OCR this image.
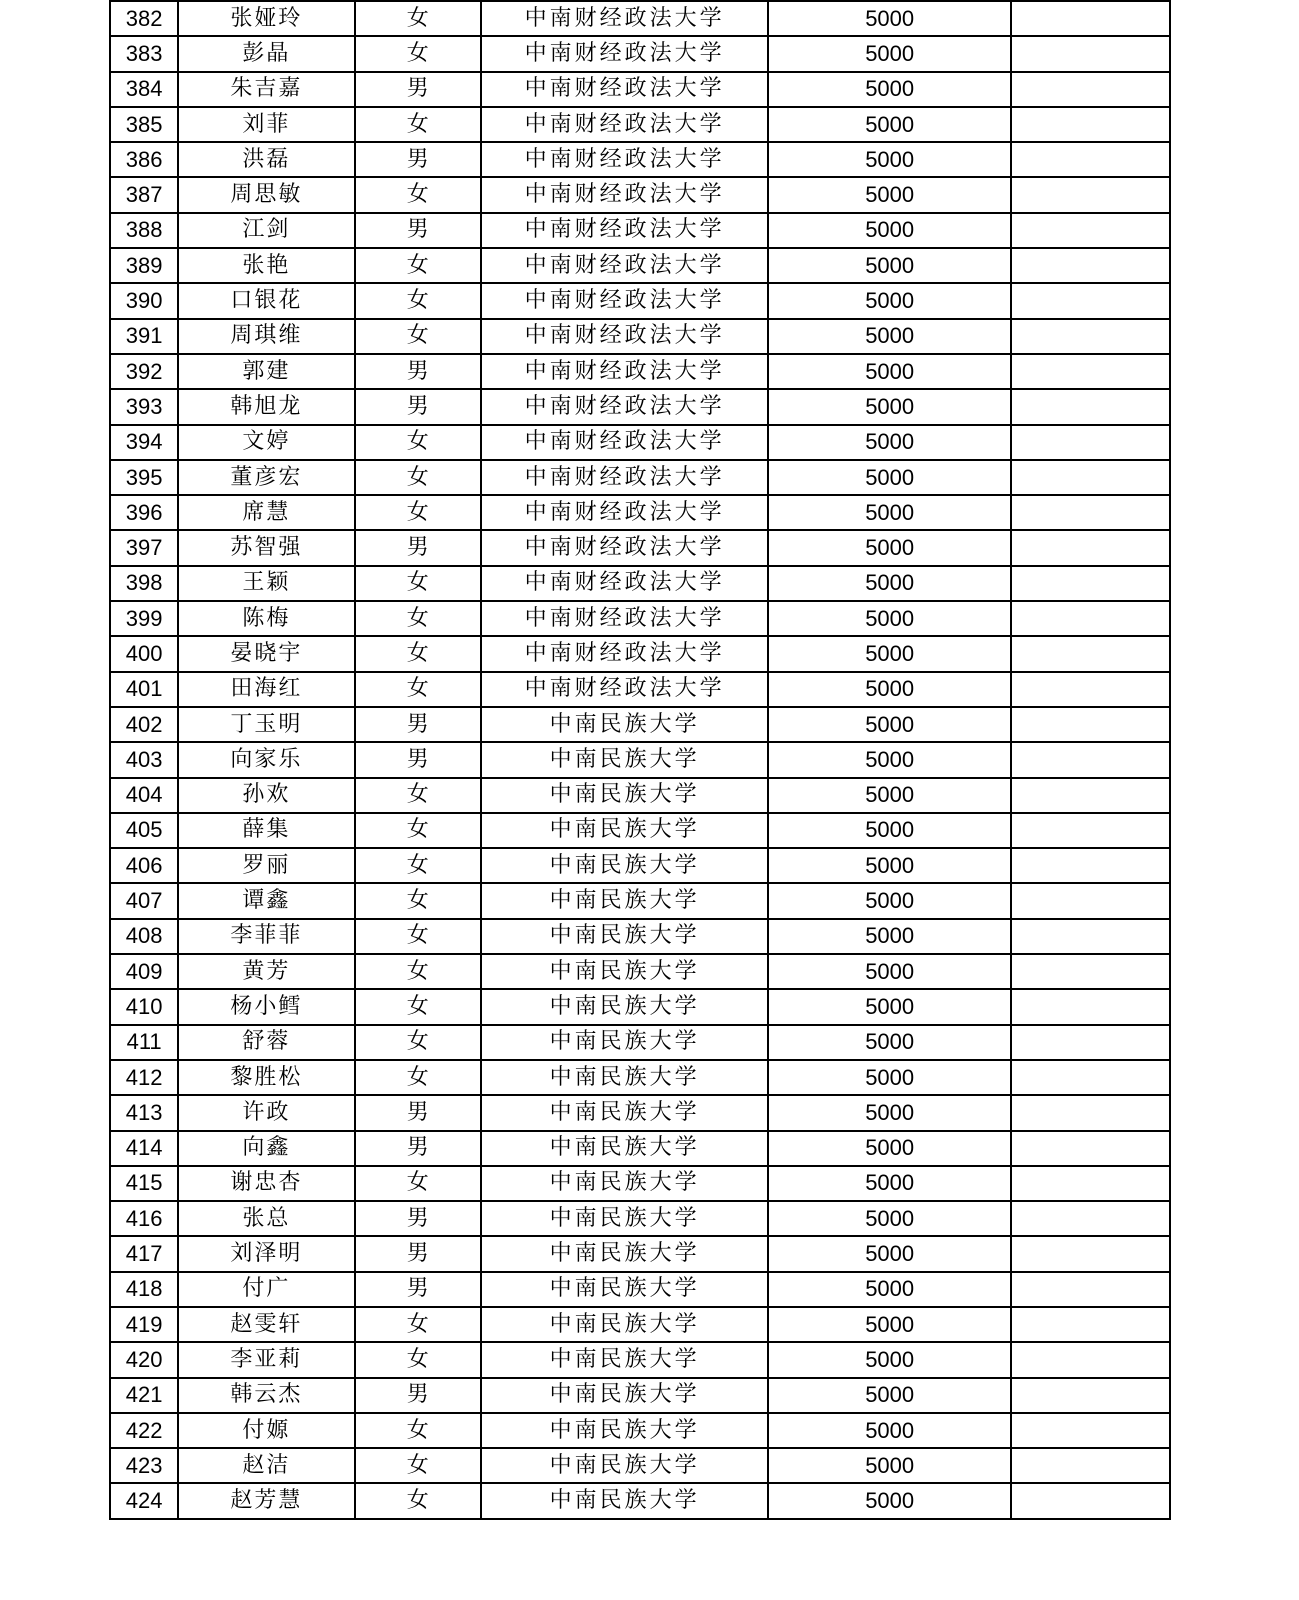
382	张娅玲	女	中南财经政法大学	5000	
383	彭晶	女	中南财经政法大学	5000	
384	朱吉嘉	男	中南财经政法大学	5000	
385	刘菲	女	中南财经政法大学	5000	
386	洪磊	男	中南财经政法大学	5000	
387	周思敏	女	中南财经政法大学	5000	
388	江剑	男	中南财经政法大学	5000	
389	张艳	女	中南财经政法大学	5000	
390	口银花	女	中南财经政法大学	5000	
391	周琪维	女	中南财经政法大学	5000	
392	郭建	男	中南财经政法大学	5000	
393	韩旭龙	男	中南财经政法大学	5000	
394	文婷	女	中南财经政法大学	5000	
395	董彦宏	女	中南财经政法大学	5000	
396	席慧	女	中南财经政法大学	5000	
397	苏智强	男	中南财经政法大学	5000	
398	王颖	女	中南财经政法大学	5000	
399	陈梅	女	中南财经政法大学	5000	
400	晏晓宇	女	中南财经政法大学	5000	
401	田海红	女	中南财经政法大学	5000	
402	丁玉明	男	中南民族大学	5000	
403	向家乐	男	中南民族大学	5000	
404	孙欢	女	中南民族大学	5000	
405	薛集	女	中南民族大学	5000	
406	罗丽	女	中南民族大学	5000	
407	谭鑫	女	中南民族大学	5000	
408	李菲菲	女	中南民族大学	5000	
409	黄芳	女	中南民族大学	5000	
410	杨小鳕	女	中南民族大学	5000	
411	舒蓉	女	中南民族大学	5000	
412	黎胜松	女	中南民族大学	5000	
413	许政	男	中南民族大学	5000	
414	向鑫	男	中南民族大学	5000	
415	谢忠杏	女	中南民族大学	5000	
416	张总	男	中南民族大学	5000	
417	刘泽明	男	中南民族大学	5000	
418	付广	男	中南民族大学	5000	
419	赵雯轩	女	中南民族大学	5000	
420	李亚莉	女	中南民族大学	5000	
421	韩云杰	男	中南民族大学	5000	
422	付嫄	女	中南民族大学	5000	
423	赵洁	女	中南民族大学	5000	
424	赵芳慧	女	中南民族大学	5000	
